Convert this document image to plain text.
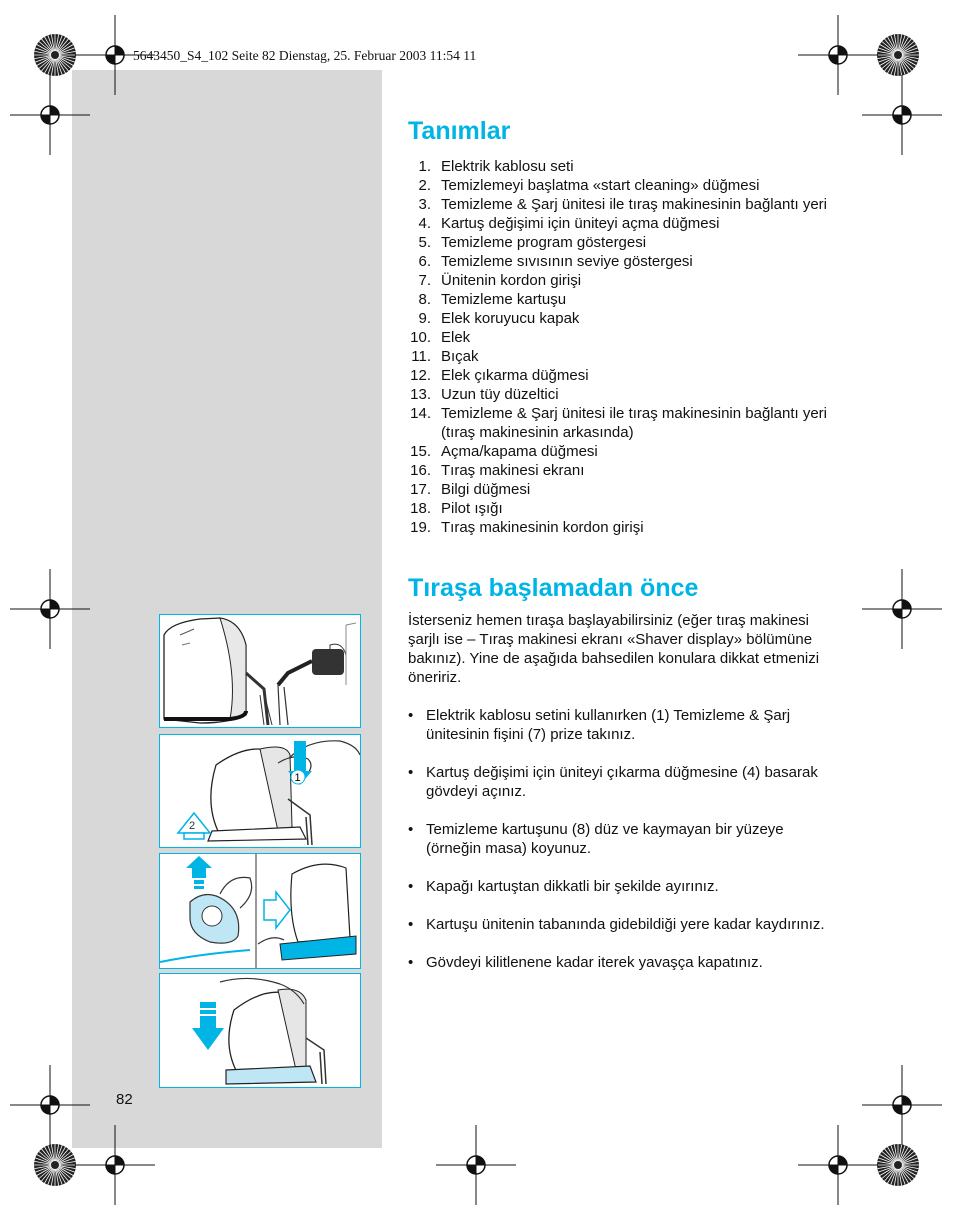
5643450_S4_102 Seite 82 Dienstag, 25. Februar 2003 11:54 11
Tanımlar
1. Elektrik kablosu seti
2. Temizlemeyi başlatma «start cleaning» düğmesi
3. Temizleme & Şarj ünitesi ile tıraş makinesinin bağlantı yeri
4. Kartuş değişimi için üniteyi açma düğmesi
5. Temizleme program göstergesi
6. Temizleme sıvısının seviye göstergesi
7. Ünitenin kordon girişi
8. Temizleme kartuşu
9. Elek koruyucu kapak
10. Elek
11. Bıçak
12. Elek çıkarma düğmesi
13. Uzun tüy düzeltici
14. Temizleme & Şarj ünitesi ile tıraş makinesinin bağlantı yeri (tıraş makinesinin arkasında)
15. Açma/kapama düğmesi
16. Tıraş makinesi ekranı
17. Bilgi düğmesi
18. Pilot ışığı
19. Tıraş makinesinin kordon girişi
Tıraşa başlamadan önce

İsterseniz hemen tıraşa başlayabilirsiniz (eğer tıraş makinesi şarjlı ise – Tıraş makinesi ekranı «Shaver display» bölümüne bakınız). Yine de aşağıda bahsedilen konulara dikkat etmenizi öneririz.

• Elektrik kablosu setini kullanırken (1) Temizleme & Şarj ünitesinin fişini (7) prize takınız.
• Kartuş değişimi için üniteyi çıkarma düğmesine (4) basarak gövdeyi açınız.
• Temizleme kartuşunu (8) düz ve kaymayan bir yüzeye (örneğin masa) koyunuz.
• Kapağı kartuştan dikkatli bir şekilde ayırınız.
• Kartuşu ünitenin tabanında gidebildiği yere kadar kaydırınız.
• Gövdeyi kilitlenene kadar iterek yavaşça kapatınız.
82
1
2
